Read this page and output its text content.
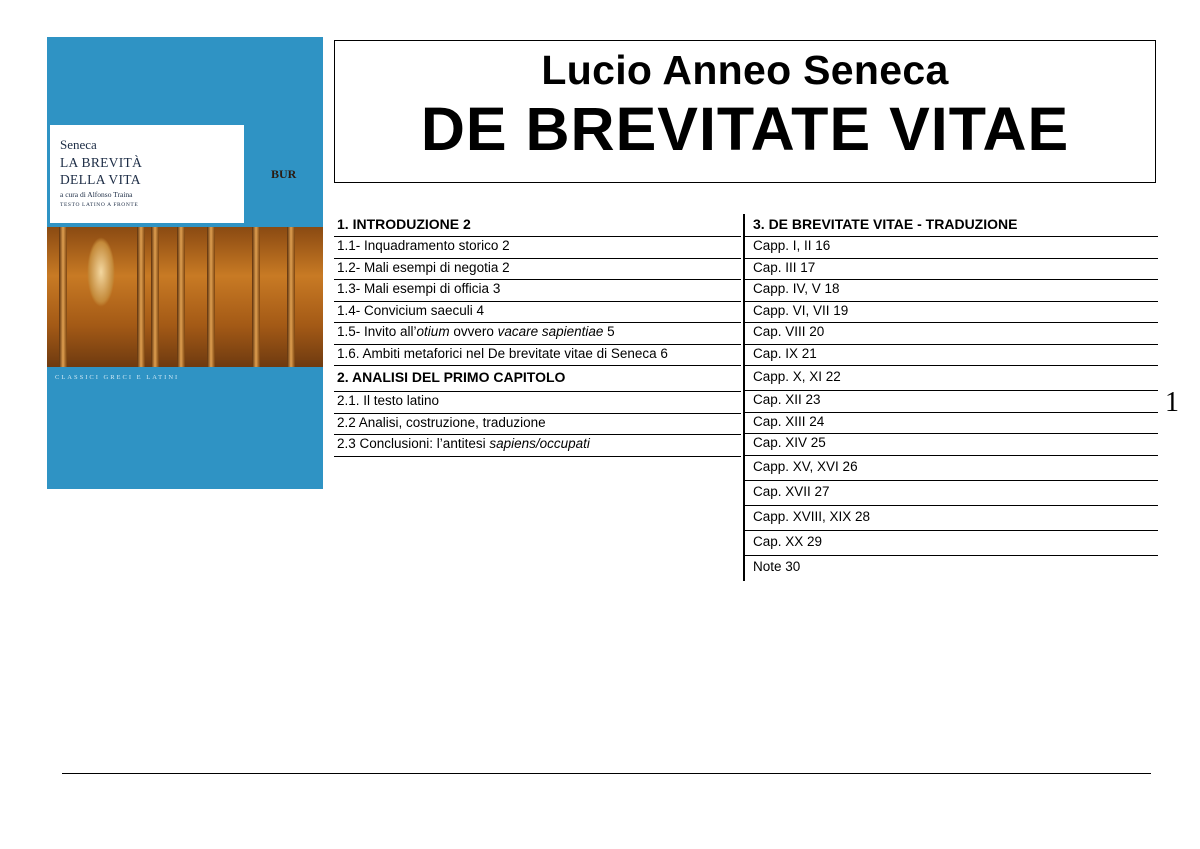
Seneca
LA BREVITÀ
DELLA VITA
a cura di Alfonso Traina
TESTO LATINO A FRONTE
BUR
CLASSICI GRECI E LATINI
Lucio Anneo Seneca
DE BREVITATE VITAE
1. INTRODUZIONE 2
1.1- Inquadramento storico 2
1.2- Mali esempi di negotia 2
1.3- Mali esempi di officia 3
1.4- Convicium saeculi 4
1.5- Invito all’otium ovvero vacare sapientiae 5
1.6. Ambiti metaforici nel De brevitate vitae di Seneca 6
2. ANALISI DEL PRIMO CAPITOLO
2.1. Il testo latino
2.2 Analisi, costruzione, traduzione
2.3 Conclusioni: l’antitesi sapiens/occupati
3. DE BREVITATE VITAE - TRADUZIONE
Capp. I, II 16
Cap. III 17
Capp. IV, V 18
Capp. VI, VII 19
Cap. VIII 20
Cap. IX 21
Capp. X, XI 22
Cap. XII 23
Cap. XIII 24
Cap. XIV 25
Capp. XV, XVI 26
Cap. XVII 27
Capp. XVIII, XIX 28
Cap. XX 29
Note 30
1
